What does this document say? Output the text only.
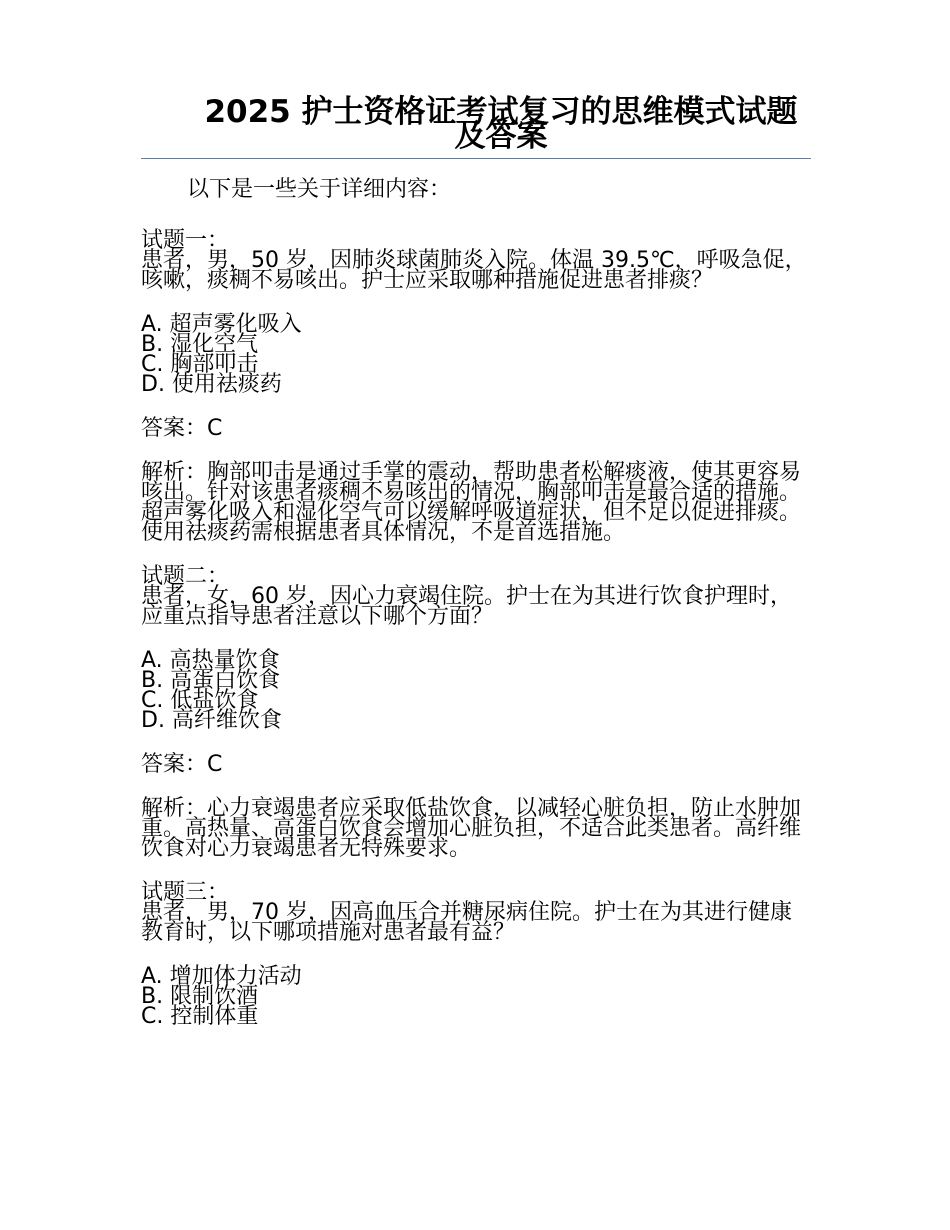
2025 护士资格证考试复习的思维模式试题及答案
以下是一些关于详细内容：
试题一：
患者，男，50 岁，因肺炎球菌肺炎入院。体温 39.5℃，呼吸急促，咳嗽，痰稠不易咳出。护士应采取哪种措施促进患者排痰？
A. 超声雾化吸入
B. 湿化空气
C. 胸部叩击
D. 使用祛痰药
答案：C
解析：胸部叩击是通过手掌的震动，帮助患者松解痰液，使其更容易咳出。针对该患者痰稠不易咳出的情况，胸部叩击是最合适的措施。超声雾化吸入和湿化空气可以缓解呼吸道症状，但不足以促进排痰。使用祛痰药需根据患者具体情况，不是首选措施。
试题二：
患者，女，60 岁，因心力衰竭住院。护士在为其进行饮食护理时，应重点指导患者注意以下哪个方面？
A. 高热量饮食
B. 高蛋白饮食
C. 低盐饮食
D. 高纤维饮食
答案：C
解析：心力衰竭患者应采取低盐饮食，以减轻心脏负担，防止水肿加重。高热量、高蛋白饮食会增加心脏负担，不适合此类患者。高纤维饮食对心力衰竭患者无特殊要求。
试题三：
患者，男，70 岁，因高血压合并糖尿病住院。护士在为其进行健康教育时，以下哪项措施对患者最有益？
A. 增加体力活动
B. 限制饮酒
C. 控制体重
